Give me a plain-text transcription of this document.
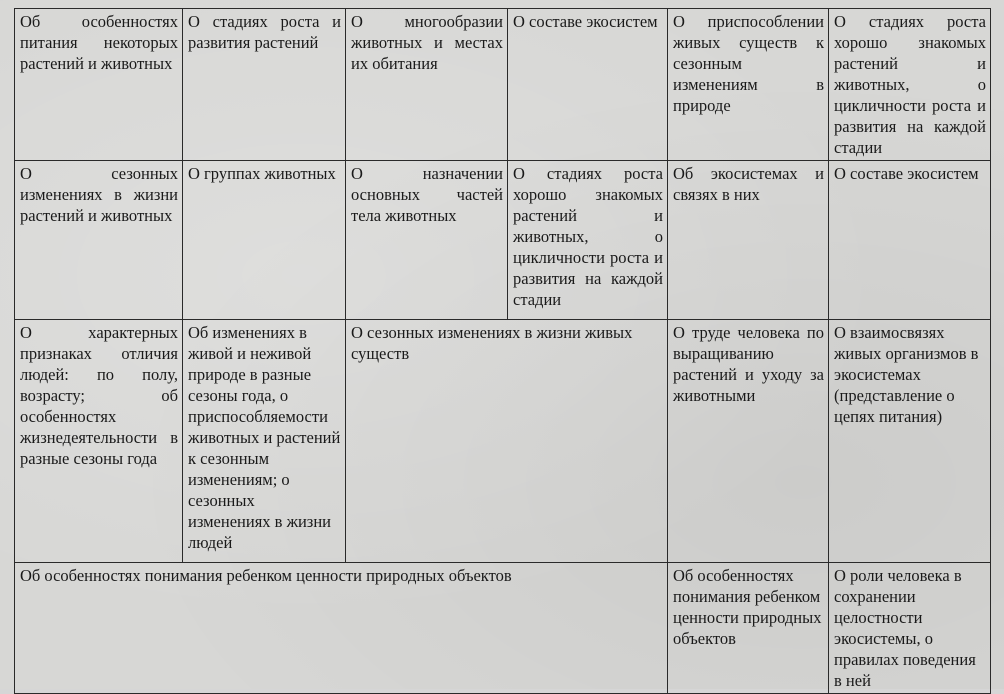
Об особенностях питания некоторых растений и животных	О стадиях роста и развития растений	О многообразии животных и местах их обитания	О составе экосистем	О приспособлении живых существ к сезонным изменениям в природе	О стадиях роста хорошо знакомых растений и животных, о цикличности роста и развития на каждой стадии

О сезонных изменениях в жизни растений и животных	О группах животных	О назначении основных частей тела животных	О стадиях роста хорошо знакомых растений и животных, о цикличности роста и развития на каждой стадии	Об экосистемах и связях в них	О составе экосистем

О характерных признаках отличия людей: по полу, возрасту; об особенностях жизнедеятельности в разные сезоны года	Об изменениях в живой и неживой природе в разные сезоны года, о приспособляемости животных и растений к сезонным изменениям; о сезонных изменениях в жизни людей	О сезонных изменениях в жизни живых существ		О труде человека по выращиванию растений и уходу за животными	О взаимосвязях живых организмов в экосистемах (представление о цепях питания)

Об особенностях понимания ребенком ценности природных объектов				Об особенностях понимания ребенком ценности природных объектов	О роли человека в сохранении целостности экосистемы, о правилах поведения в ней
